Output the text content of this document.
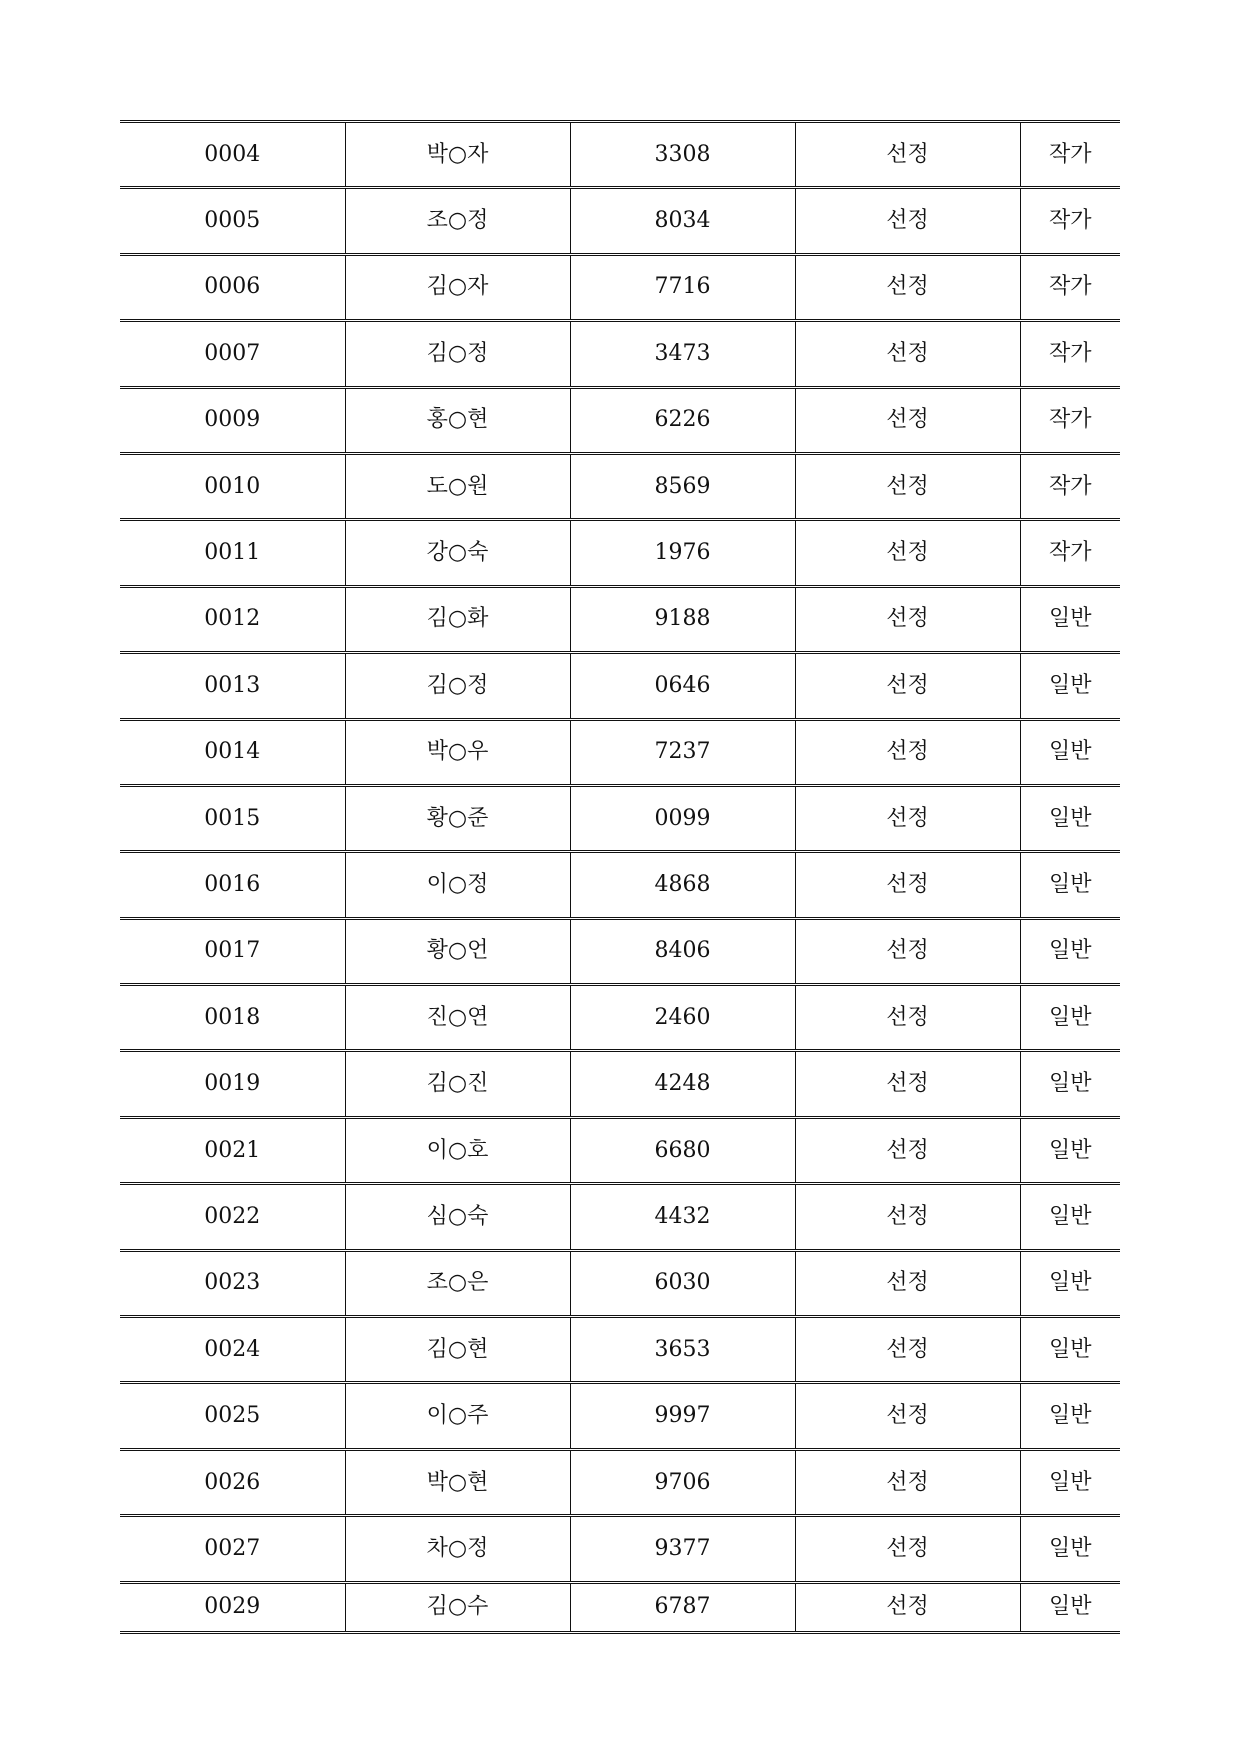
0004	박○자	3308	선정	작가
0005	조○정	8034	선정	작가
0006	김○자	7716	선정	작가
0007	김○정	3473	선정	작가
0009	홍○현	6226	선정	작가
0010	도○원	8569	선정	작가
0011	강○숙	1976	선정	작가
0012	김○화	9188	선정	일반
0013	김○정	0646	선정	일반
0014	박○우	7237	선정	일반
0015	황○준	0099	선정	일반
0016	이○정	4868	선정	일반
0017	황○언	8406	선정	일반
0018	진○연	2460	선정	일반
0019	김○진	4248	선정	일반
0021	이○호	6680	선정	일반
0022	심○숙	4432	선정	일반
0023	조○은	6030	선정	일반
0024	김○현	3653	선정	일반
0025	이○주	9997	선정	일반
0026	박○현	9706	선정	일반
0027	차○정	9377	선정	일반
0029	김○수	6787	선정	일반
